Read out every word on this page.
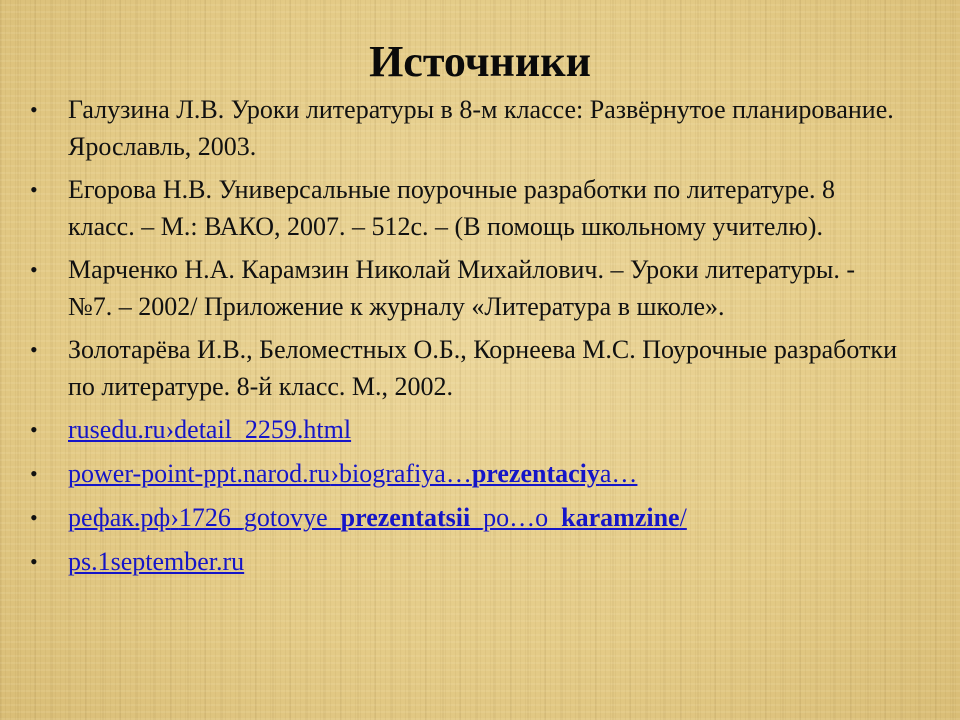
Источники
• Галузина Л.В. Уроки литературы в 8-м классе: Развёрнутое планирование. Ярославль, 2003.
• Егорова Н.В. Универсальные поурочные разработки по литературе. 8 класс. – М.: ВАКО, 2007. – 512с. – (В помощь школьному учителю).
• Марченко Н.А. Карамзин Николай Михайлович. – Уроки литературы. - №7. – 2002/ Приложение к журналу «Литература в школе».
• Золотарёва И.В., Беломестных О.Б., Корнеева М.С. Поурочные разработки по литературе. 8-й класс. М., 2002.
• rusedu.ru›detail_2259.html
• power-point-ppt.narod.ru›biografiya…prezentaciya…
• рефак.рф›1726_gotovye_prezentatsii_po…o_karamzine/
• ps.1september.ru
